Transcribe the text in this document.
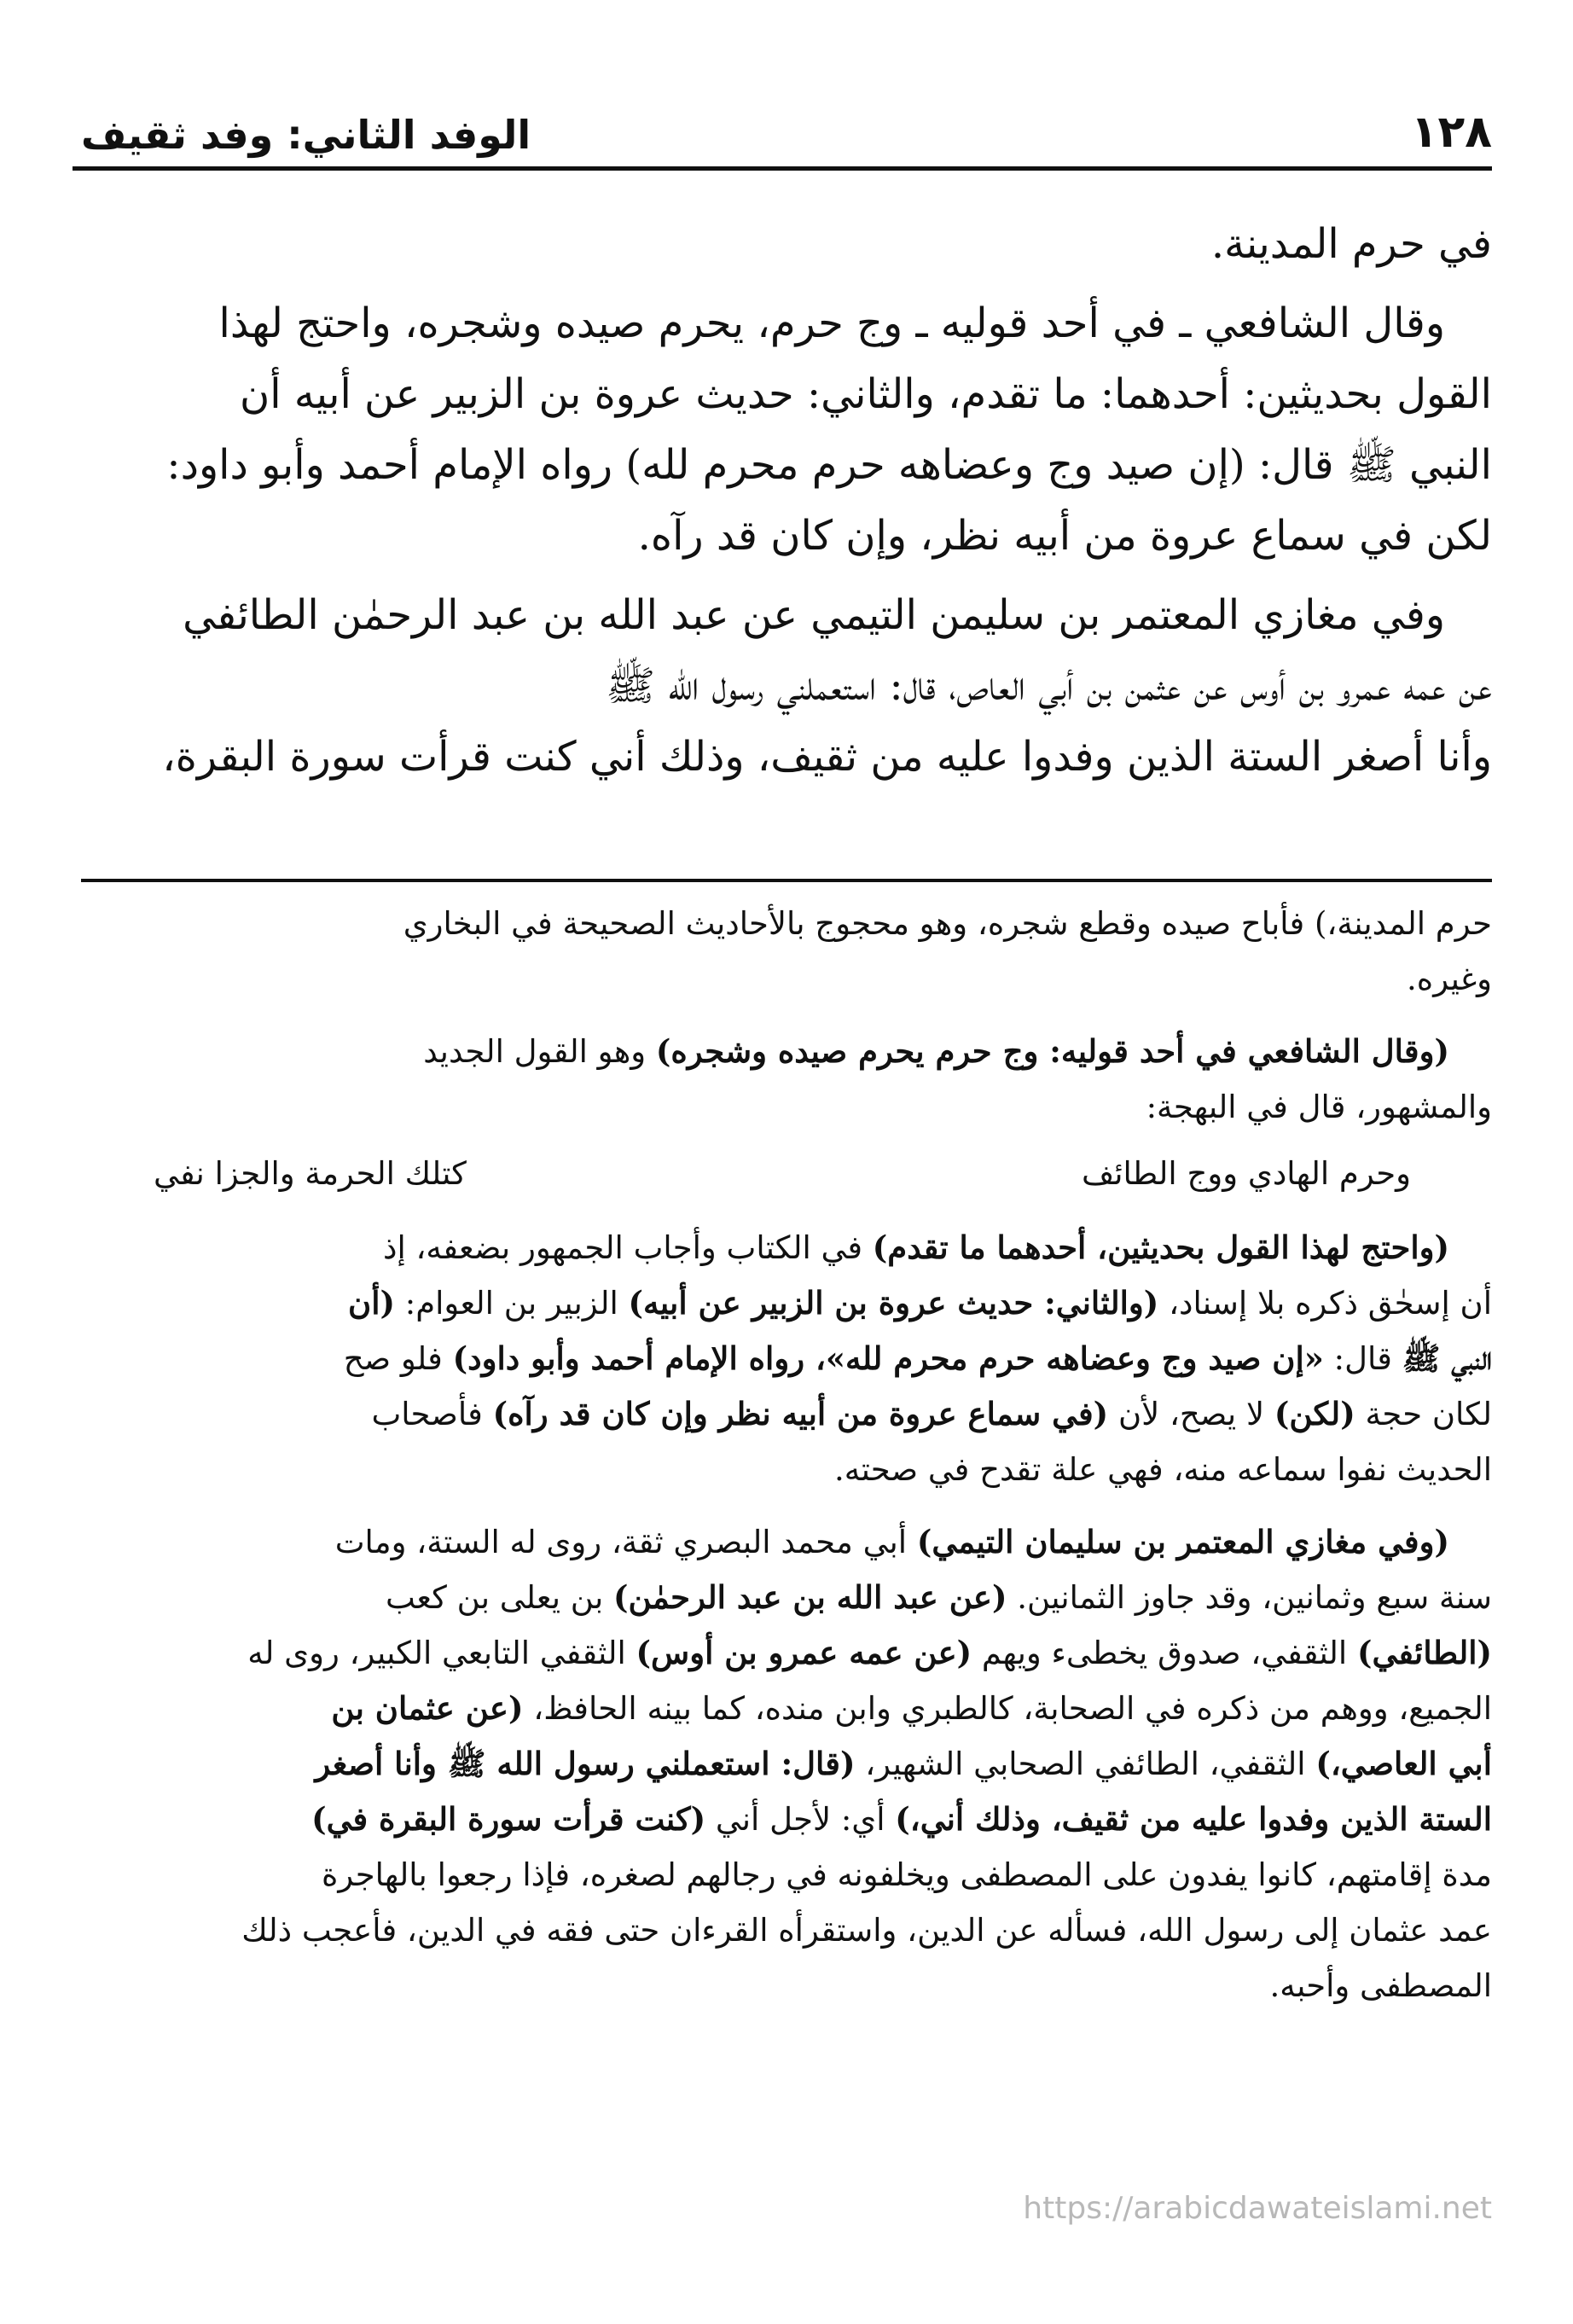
١٢٨
الوفد الثاني: وفد ثقيف

في حرم المدينة.

وقال الشافعي ـ في أحد قوليه ـ وج حرم، يحرم صيده وشجره، واحتج لهذا

القول بحديثين: أحدهما: ما تقدم، والثاني: حديث عروة بن الزبير عن أبيه أن

النبي ﷺ قال: (إن صيد وج وعضاهه حرم محرم لله) رواه الإمام أحمد وأبو داود:

لكن في سماع عروة من أبيه نظر، وإن كان قد رآه.

وفي مغازي المعتمر بن سليمن التيمي عن عبد الله بن عبد الرحمٰن الطائفي

عن عمه عمرو بن أوس عن عثمن بن أبي العاص، قال: استعملني رسول الله ﷺ

وأنا أصغر الستة الذين وفدوا عليه من ثقيف، وذلك أني كنت قرأت سورة البقرة،

حرم المدينة،) فأباح صيده وقطع شجره، وهو محجوج بالأحاديث الصحيحة في البخاري

وغيره.

(وقال الشافعي في أحد قوليه: وج حرم يحرم صيده وشجره) وهو القول الجديد

والمشهور، قال في البهجة:

وحرم الهادي ووج الطائف
كتلك الحرمة والجزا نفي

(واحتج لهذا القول بحديثين، أحدهما ما تقدم) في الكتاب وأجاب الجمهور بضعفه، إذ

أن إسحٰق ذكره بلا إسناد، (والثاني: حديث عروة بن الزبير عن أبيه) الزبير بن العوام: (أن

النبي ﷺ قال: «إن صيد وج وعضاهه حرم محرم لله»، رواه الإمام أحمد وأبو داود) فلو صح

لكان حجة (لكن) لا يصح، لأن (في سماع عروة من أبيه نظر وإن كان قد رآه) فأصحاب

الحديث نفوا سماعه منه، فهي علة تقدح في صحته.

(وفي مغازي المعتمر بن سليمان التيمي) أبي محمد البصري ثقة، روى له الستة، ومات

سنة سبع وثمانين، وقد جاوز الثمانين. (عن عبد الله بن عبد الرحمٰن) بن يعلى بن كعب

(الطائفي) الثقفي، صدوق يخطىء ويهم (عن عمه عمرو بن أوس) الثقفي التابعي الكبير، روى له

الجميع، ووهم من ذكره في الصحابة، كالطبري وابن منده، كما بينه الحافظ، (عن عثمان بن

أبي العاصي،) الثقفي، الطائفي الصحابي الشهير، (قال: استعملني رسول الله ﷺ وأنا أصغر

الستة الذين وفدوا عليه من ثقيف، وذلك أني،) أي: لأجل أني (كنت قرأت سورة البقرة في)

مدة إقامتهم، كانوا يفدون على المصطفى ويخلفونه في رجالهم لصغره، فإذا رجعوا بالهاجرة

عمد عثمان إلى رسول الله، فسأله عن الدين، واستقرأه القرءان حتى فقه في الدين، فأعجب ذلك

المصطفى وأحبه.

https://arabicdawateislami.net
